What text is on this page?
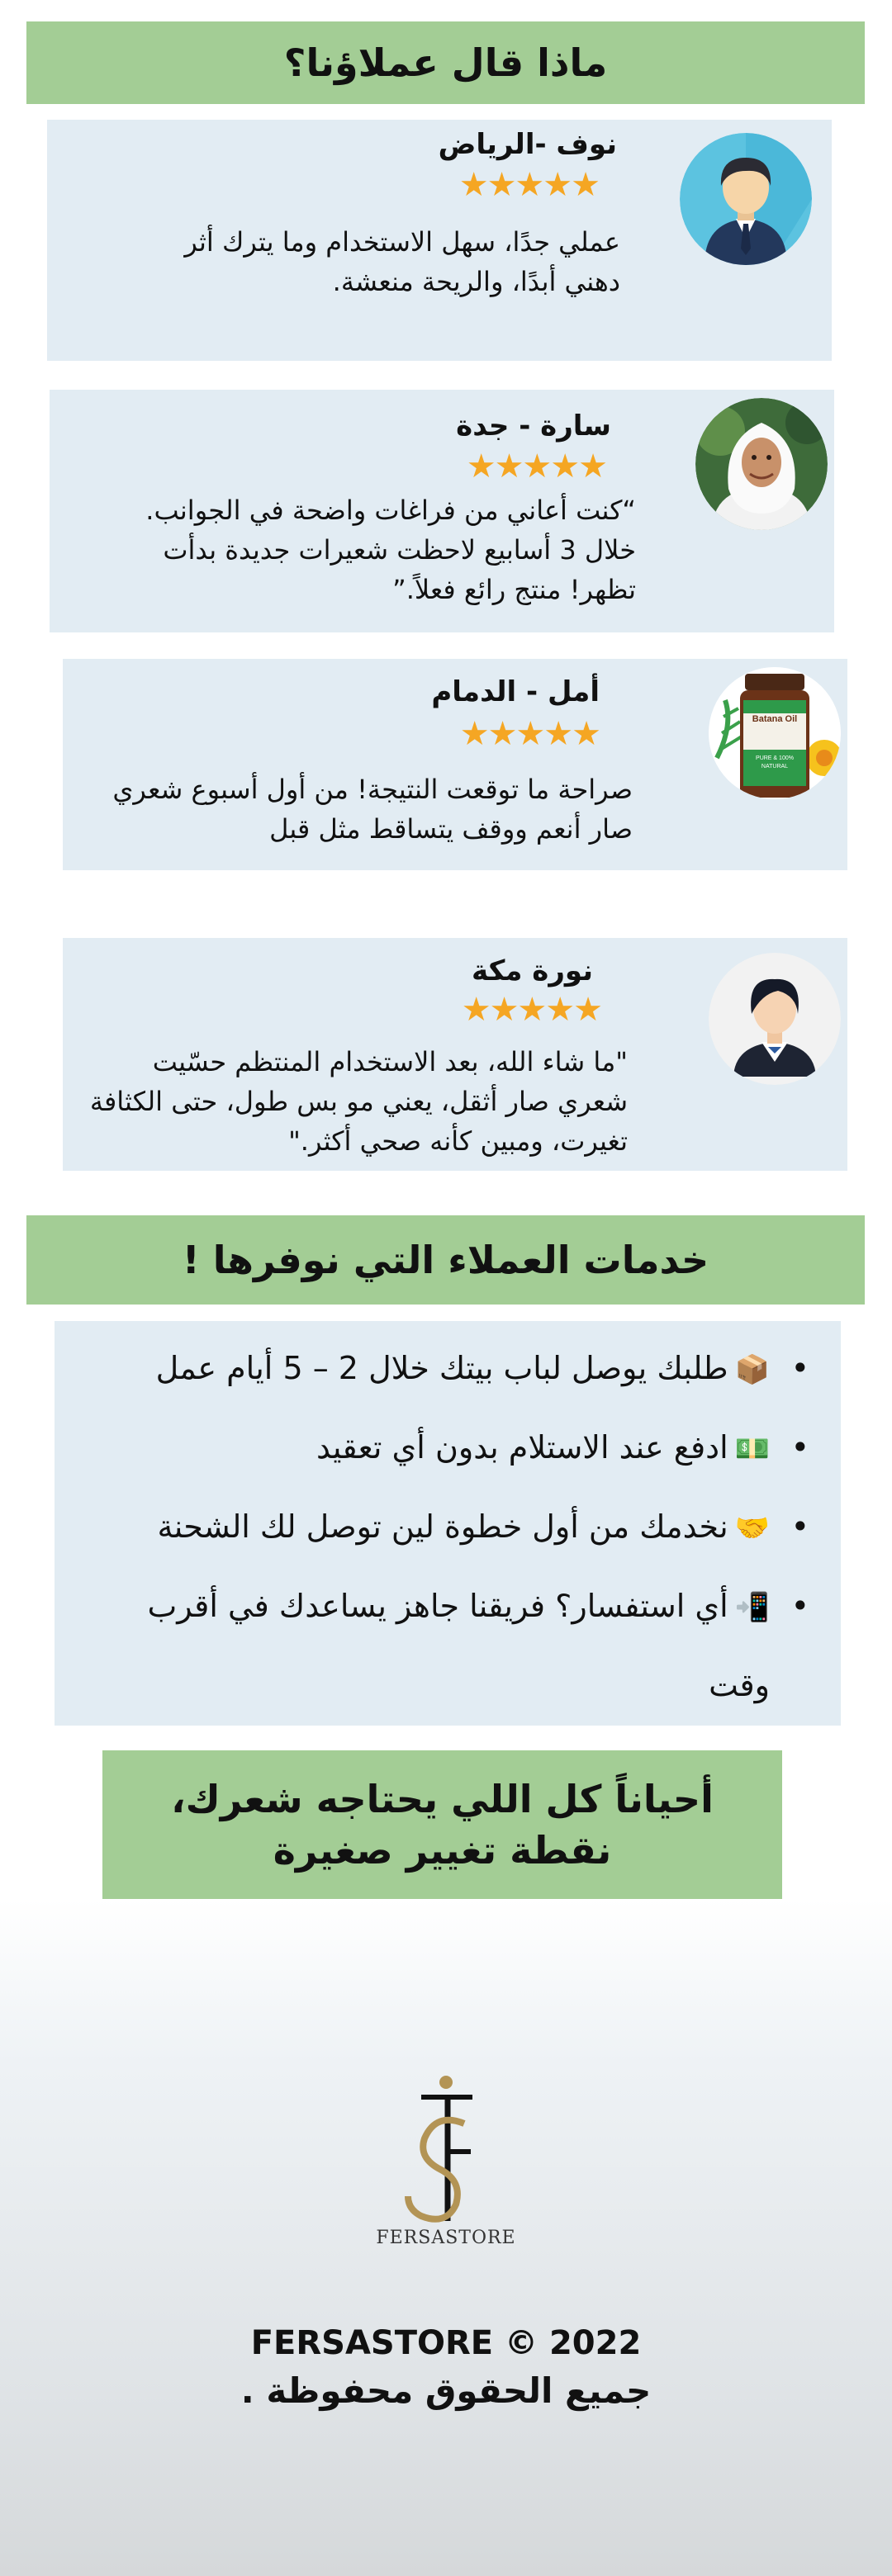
ماذا قال عملاؤنا؟
نوف -الرياض
★★★★★
عملي جدًا، سهل الاستخدام وما يترك أثر دهني أبدًا، والريحة منعشة.
سارة - جدة
★★★★★
“كنت أعاني من فراغات واضحة في الجوانب. خلال 3 أسابيع لاحظت شعيرات جديدة بدأت تظهر! منتج رائع فعلاً.”
Batana Oil
100% PURE & NATURAL
أمل - الدمام
★★★★★
صراحة ما توقعت النتيجة! من أول أسبوع شعري صار أنعم ووقف يتساقط مثل قبل
نورة مكة
★★★★★
"ما شاء الله، بعد الاستخدام المنتظم حسّيت شعري صار أثقل، يعني مو بس طول، حتى الكثافة تغيرت، ومبين كأنه صحي أكثر."
خدمات العملاء التي نوفرها !
• 📦طلبك يوصل لباب بيتك خلال 2 – 5 أيام عمل
• 💵ادفع عند الاستلام بدون أي تعقيد
• 🤝نخدمك من أول خطوة لين توصل لك الشحنة
• 📲أي استفسار؟ فريقنا جاهز يساعدك في أقرب وقت
أحياناً كل اللي يحتاجه شعرك، نقطة تغيير صغيرة
FERSASTORE
FERSASTORE © 2022
جميع الحقوق محفوظة .
